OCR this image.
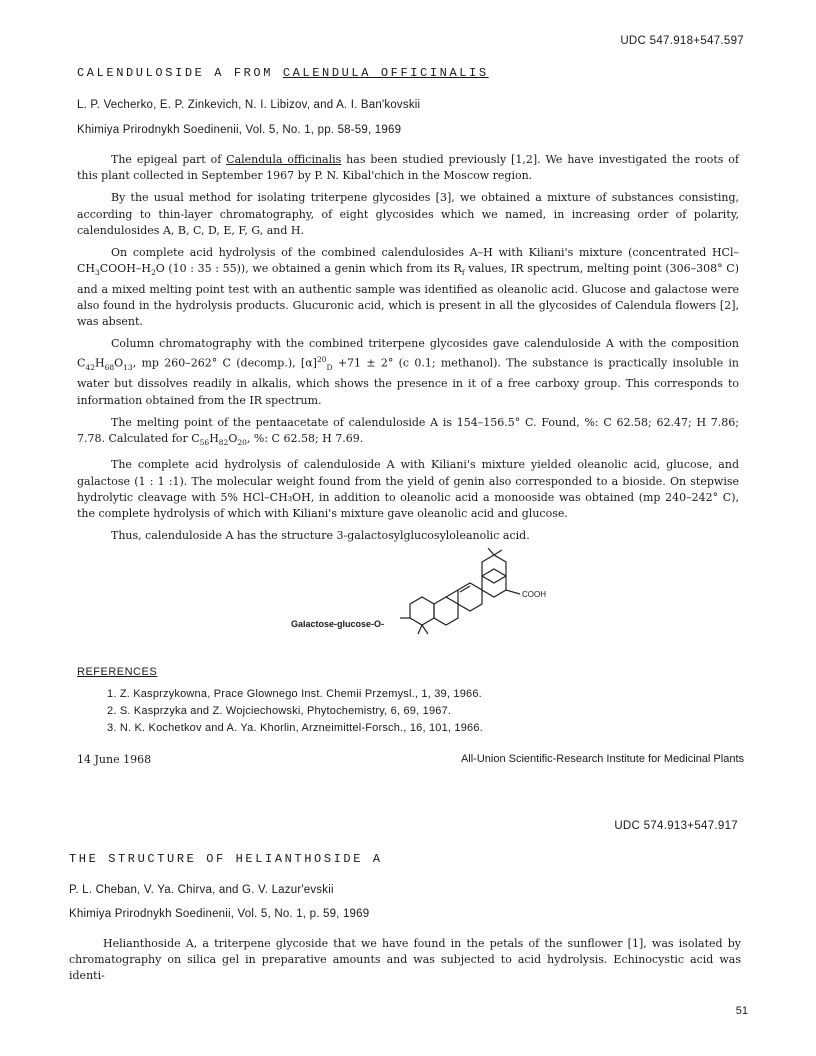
UDC 547.918+547.597
CALENDULOSIDE A FROM CALENDULA OFFICINALIS
L. P. Vecherko, E. P. Zinkevich, N. I. Libizov, and A. I. Ban'kovskii
Khimiya Prirodnykh Soedinenii, Vol. 5, No. 1, pp. 58-59, 1969

The epigeal part of Calendula officinalis has been studied previously [1,2]. We have investigated the roots of this plant collected in September 1967 by P. N. Kibal'chich in the Moscow region.

By the usual method for isolating triterpene glycosides [3], we obtained a mixture of substances consisting, according to thin-layer chromatography, of eight glycosides which we named, in increasing order of polarity, calendulosides A, B, C, D, E, F, G, and H.

On complete acid hydrolysis of the combined calendulosides A–H with Kiliani's mixture (concentrated HCl–$CH_3COOH-H_2O$ (10 : 35 : 55)), we obtained a genin which from its $R_f$ values, IR spectrum, melting point (306–308° C) and a mixed melting point test with an authentic sample was identified as oleanolic acid. Glucose and galactose were also found in the hydrolysis products. Glucuronic acid, which is present in all the glycosides of Calendula flowers [2], was absent.

Column chromatography with the combined triterpene glycosides gave calenduloside A with the composition $C_{42}H_{68}O_{13}$, mp 260–262° C (decomp.), $[\alpha]^{20}_D +71 \pm 2^\circ$ (c 0.1; methanol). The substance is practically insoluble in water but dissolves readily in alkalis, which shows the presence in it of a free carboxy group. This corresponds to information obtained from the IR spectrum.

The melting point of the pentaacetate of calenduloside A is 154–156.5° C. Found, %: C 62.58; 62.47; H 7.86; 7.78. Calculated for $C_{56}H_{82}O_{20}$, %: C 62.58; H 7.69.

The complete acid hydrolysis of calenduloside A with Kiliani's mixture yielded oleanolic acid, glucose, and galactose (1 : 1 :1). The molecular weight found from the yield of genin also corresponded to a bioside. On stepwise hydrolytic cleavage with 5% HCl–CH₃OH, in addition to oleanolic acid a monooside was obtained (mp 240–242° C), the complete hydrolysis of which with Kiliani's mixture gave oleanolic acid and glucose.

Thus, calenduloside A has the structure 3-galactosylglucosyloleanolic acid.

Galactose-glucose-O-
COOH
REFERENCES
1. Z. Kasprzykowna, Prace Glownego Inst. Chemii Przemysl., 1, 39, 1966.
2. S. Kasprzyka and Z. Wojciechowski, Phytochemistry, 6, 69, 1967.
3. N. K. Kochetkov and A. Ya. Khorlin, Arzneimittel-Forsch., 16, 101, 1966.
14 June 1968	All-Union Scientific-Research Institute for Medicinal Plants
UDC 574.913+547.917
THE STRUCTURE OF HELIANTHOSIDE A
P. L. Cheban, V. Ya. Chirva, and G. V. Lazur'evskii
Khimiya Prirodnykh Soedinenii, Vol. 5, No. 1, p. 59, 1969

Helianthoside A, a triterpene glycoside that we have found in the petals of the sunflower [1], was isolated by chromatography on silica gel in preparative amounts and was subjected to acid hydrolysis. Echinocystic acid was identi-

51
